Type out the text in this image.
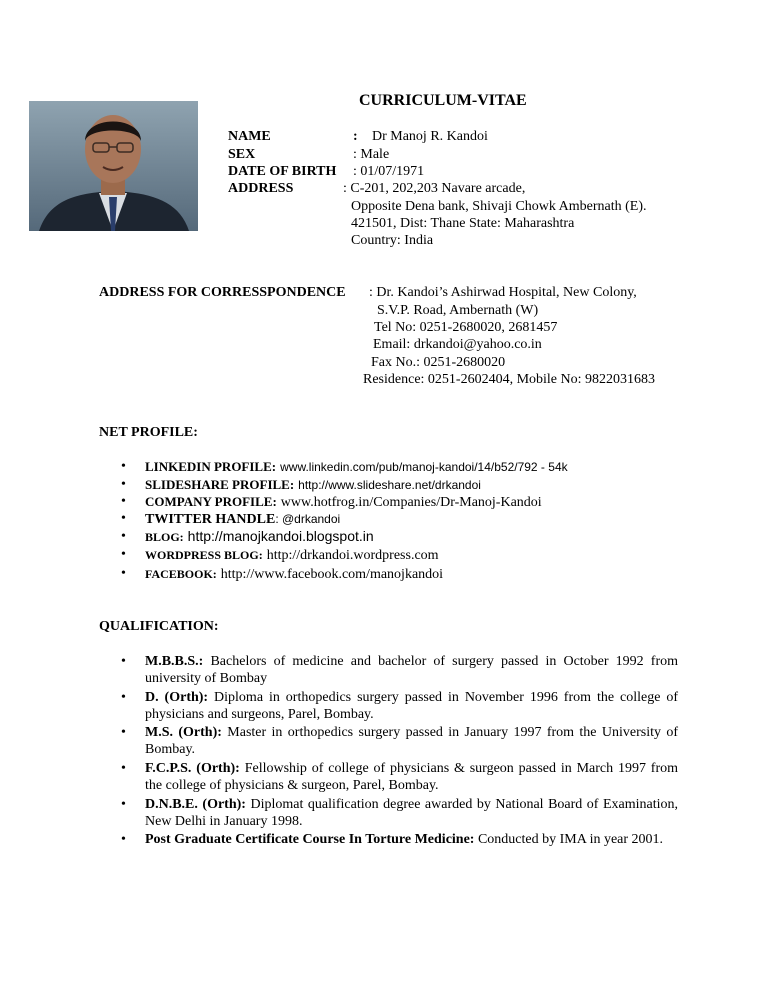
CURRICULUM-VITAE
NAME	: Dr Manoj R. Kandoi
SEX	: Male
DATE OF BIRTH : 01/07/1971
ADDRESS	: C-201, 202,203 Navare arcade,
Opposite Dena bank, Shivaji Chowk Ambernath (E).
421501, Dist: Thane State: Maharashtra
Country: India
ADDRESS FOR CORRESSPONDENCE : Dr. Kandoi’s Ashirwad Hospital, New Colony,
S.V.P. Road, Ambernath (W)
Tel No: 0251-2680020, 2681457
Email: drkandoi@yahoo.co.in
Fax No.: 0251-2680020
Residence: 0251-2602404, Mobile No: 9822031683
NET PROFILE:
• LINKEDIN PROFILE: www.linkedin.com/pub/manoj-kandoi/14/b52/792 - 54k
• SLIDESHARE PROFILE: http://www.slideshare.net/drkandoi
• COMPANY PROFILE: www.hotfrog.in/Companies/Dr-Manoj-Kandoi
• TWITTER HANDLE: @drkandoi
• BLOG: http://manojkandoi.blogspot.in
• WORDPRESS BLOG: http://drkandoi.wordpress.com
• FACEBOOK: http://www.facebook.com/manojkandoi
QUALIFICATION:
• M.B.B.S.: Bachelors of medicine and bachelor of surgery passed in October 1992 from university of Bombay
• D. (Orth): Diploma in orthopedics surgery passed in November 1996 from the college of physicians and surgeons, Parel, Bombay.
• M.S. (Orth): Master in orthopedics surgery passed in January 1997 from the University of Bombay.
• F.C.P.S. (Orth): Fellowship of college of physicians & surgeon passed in March 1997 from the college of physicians & surgeon, Parel, Bombay.
• D.N.B.E. (Orth): Diplomat qualification degree awarded by National Board of Examination, New Delhi in January 1998.
• Post Graduate Certificate Course In Torture Medicine: Conducted by IMA in year 2001.
